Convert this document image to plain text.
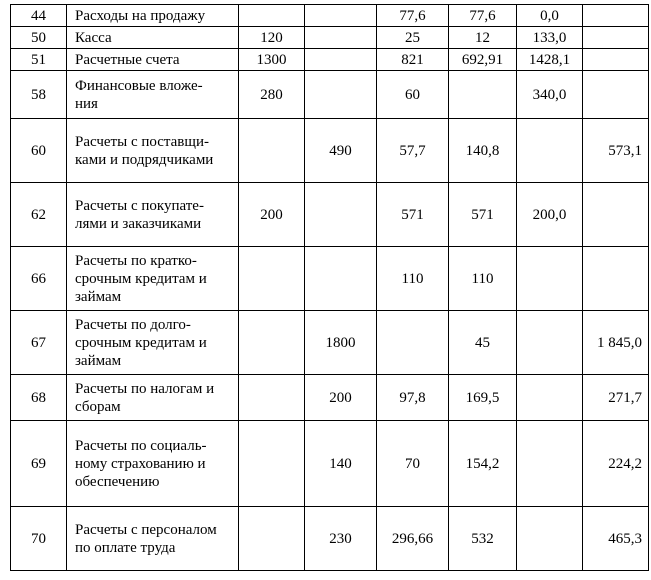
44	Расходы на продажу			77,6	77,6	0,0	
50	Касса	120		25	12	133,0	
51	Расчетные счета	1300		821	692,91	1428,1	
58	Финансовые вложе-
ния	280		60		340,0	
60	Расчеты с поставщи-
ками и подрядчиками		490	57,7	140,8		573,1
62	Расчеты с покупате-
лями и заказчиками	200		571	571	200,0	
66	Расчеты по кратко-
срочным кредитам и
займам			110	110		
67	Расчеты по долго-
срочным кредитам и
займам		1800		45		1 845,0
68	Расчеты по налогам и
сборам		200	97,8	169,5		271,7
69	Расчеты по социаль-
ному страхованию и
обеспечению		140	70	154,2		224,2
70	Расчеты с персоналом
по оплате труда		230	296,66	532		465,3
